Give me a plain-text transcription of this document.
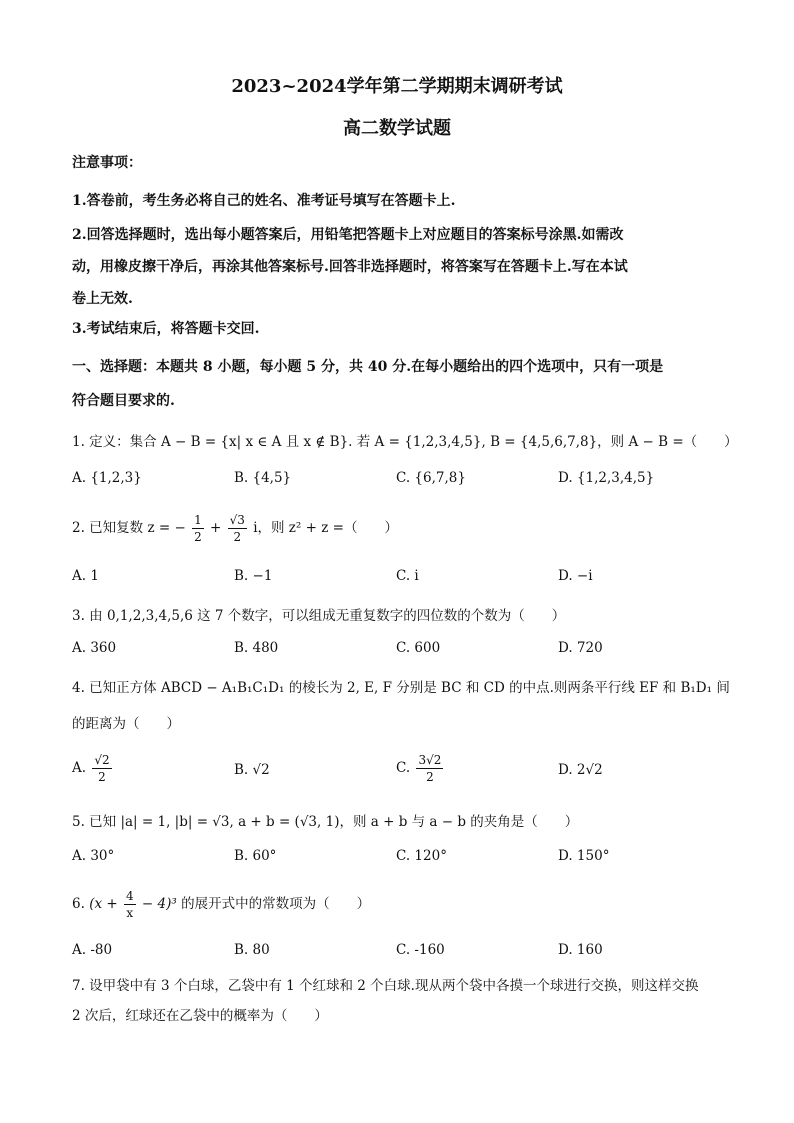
2023~2024学年第二学期期末调研考试
高二数学试题
注意事项：
1.答卷前，考生务必将自己的姓名、准考证号填写在答题卡上.
2.回答选择题时，选出每小题答案后，用铅笔把答题卡上对应题目的答案标号涂黑.如需改
动，用橡皮擦干净后，再涂其他答案标号.回答非选择题时，将答案写在答题卡上.写在本试
卷上无效.
3.考试结束后，将答题卡交回.
一、选择题：本题共 8 小题，每小题 5 分，共 40 分.在每小题给出的四个选项中，只有一项是
符合题目要求的.
1. 定义：集合 A − B = {x| x ∈ A 且 x ∉ B}. 若 A = {1,2,3,4,5}, B = {4,5,6,7,8}，则 A − B =（　　）
A. {1,2,3}	B. {4,5}	C. {6,7,8}	D. {1,2,3,4,5}
2. 已知复数 z = − $\frac{1}{2} + \frac{√3}{2}$ i，则 z² + z =（　　）
A. 1	B. −1	C. i	D. −i
3. 由 0,1,2,3,4,5,6 这 7 个数字，可以组成无重复数字的四位数的个数为（　　）
A. 360	B. 480	C. 600	D. 720
4. 已知正方体 ABCD − A₁B₁C₁D₁ 的棱长为 2, E, F 分别是 BC 和 CD 的中点.则两条平行线 EF 和 B₁D₁ 间
的距离为（　　）
A. $\frac{√2}{2}$	B. √2	C. $\frac{3√2}{2}$	D. 2√2
5. 已知 |a| = 1, |b| = √3, a + b = (√3, 1)，则 a + b 与 a − b 的夹角是（　　）
A. 30°	B. 60°	C. 120°	D. 150°
6. $(x + \frac{4}{x} - 4)^3$ 的展开式中的常数项为（　　）
A. -80	B. 80	C. -160	D. 160
7. 设甲袋中有 3 个白球，乙袋中有 1 个红球和 2 个白球.现从两个袋中各摸一个球进行交换，则这样交换
2 次后，红球还在乙袋中的概率为（　　）
